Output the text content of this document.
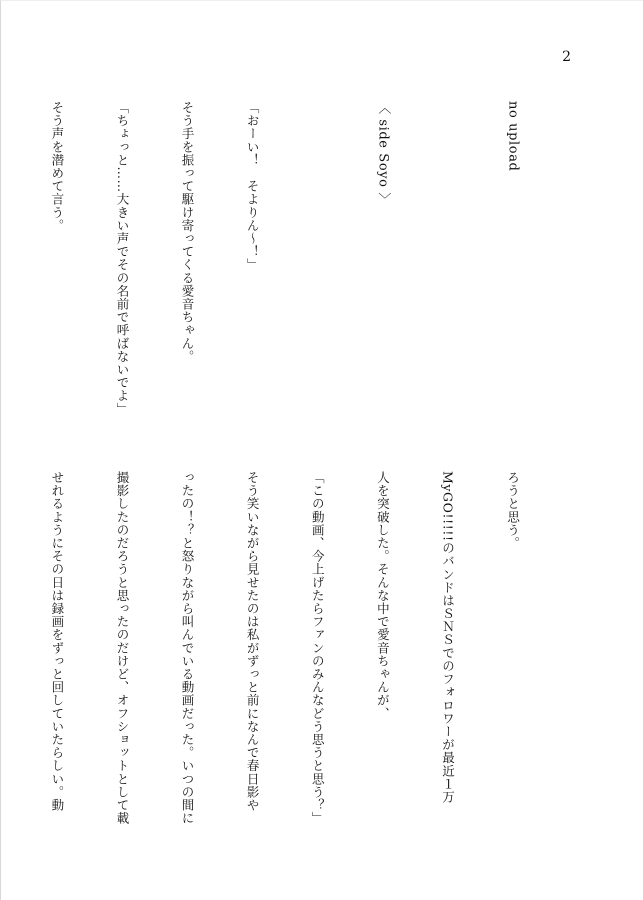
2

no upload

〈 side Soyo 〉

「おーい！　そよりん〜！」

そう手を振って駆け寄ってくる愛音ちゃん。

「ちょっと……大きい声でその名前で呼ばないでよ」

そう声を潜めて言う。

ろうと思う。

MyGO!!!!!のバンドはＳＮＳでのフォロワーが最近１万

人を突破した。そんな中で愛音ちゃんが、

「この動画、今上げたらファンのみんなどう思うと思う？」

そう笑いながら見せたのは私がずっと前になんで春日影や

ったの！？と怒りながら叫んでいる動画だった。いつの間に

撮影したのだろうと思ったのだけど、オフショットとして載

せれるようにその日は録画をずっと回していたらしい。動
